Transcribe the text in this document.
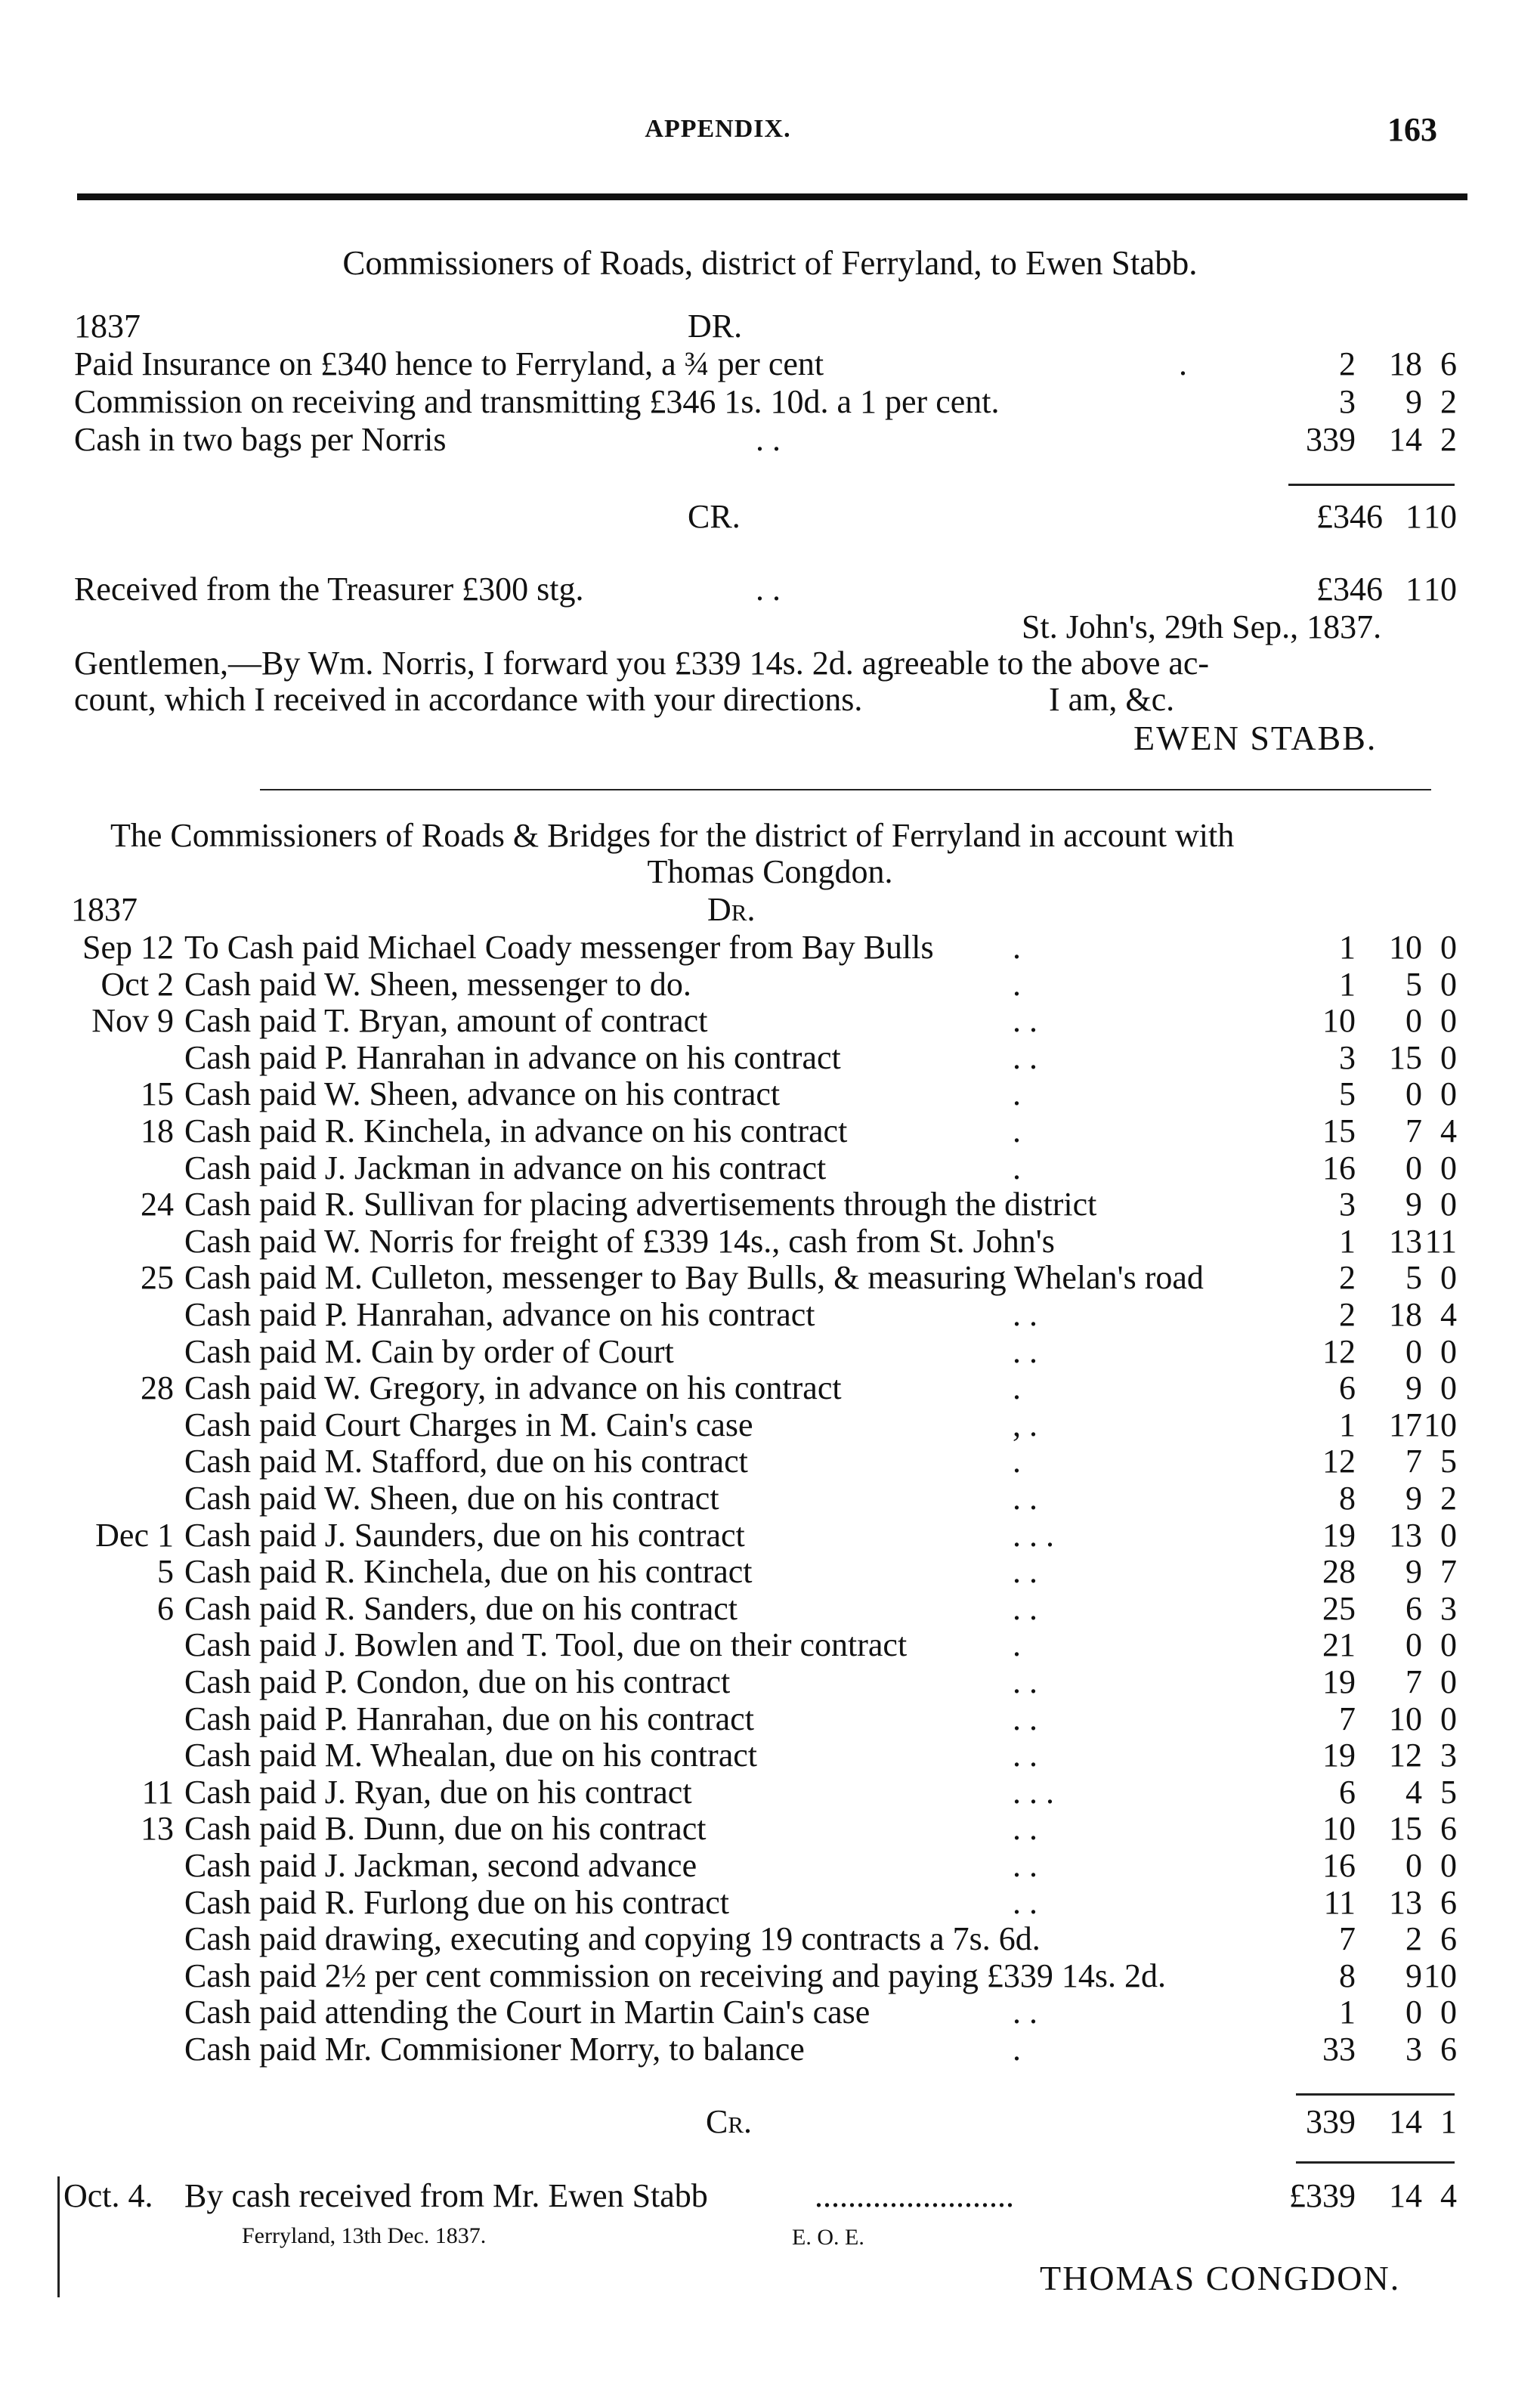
APPENDIX.	163
Commissioners of Roads, district of Ferryland, to Ewen Stabb.
1837	DR.
Paid Insurance on £340 hence to Ferryland, a ¾ per cent	.	2	18 6
Commission on receiving and transmitting £346 1s. 10d. a 1 per cent.	3	9 2
Cash in two bags per Norris	. .	339	14 2
CR.	£346 1 10
Received from the Treasurer £300 stg.	. .	£346 1 10
St. John's, 29th Sep., 1837.
Gentlemen,—By Wm. Norris, I forward you £339 14s. 2d. agreeable to the above ac-
count, which I received in accordance with your directions.	I am, &c.
EWEN STABB.
The Commissioners of Roads & Bridges for the district of Ferryland in account with
Thomas Congdon.
1837	Dr.
Sep 12 To Cash paid Michael Coady messenger from Bay Bulls .	1	10 0
Oct 2 Cash paid W. Sheen, messenger to do.	.	1	5 0
Nov 9 Cash paid T. Bryan, amount of contract	. .	10	0 0
Cash paid P. Hanrahan in advance on his contract	. .	3	15 0
15 Cash paid W. Sheen, advance on his contract	.	5	0 0
18 Cash paid R. Kinchela, in advance on his contract	.	15	7 4
Cash paid J. Jackman in advance on his contract	.	16	0 0
24 Cash paid R. Sullivan for placing advertisements through the district	3	9 0
Cash paid W. Norris for freight of £339 14s., cash from St. John's	1	13 11
25 Cash paid M. Culleton, messenger to Bay Bulls, & measuring Whelan's road	2	5 0
Cash paid P. Hanrahan, advance on his contract	. .	2	18 4
Cash paid M. Cain by order of Court	. .	12	0 0
28 Cash paid W. Gregory, in advance on his contract	.	6	9 0
Cash paid Court Charges in M. Cain's case	, .	1	17 10
Cash paid M. Stafford, due on his contract	.	12	7 5
Cash paid W. Sheen, due on his contract	. .	8	9 2
Dec 1 Cash paid J. Saunders, due on his contract	. . .	19	13 0
5 Cash paid R. Kinchela, due on his contract	. .	28	9 7
6 Cash paid R. Sanders, due on his contract	. .	25	6 3
Cash paid J. Bowlen and T. Tool, due on their contract	.	21	0 0
Cash paid P. Condon, due on his contract	. .	19	7 0
Cash paid P. Hanrahan, due on his contract	. .	7	10 0
Cash paid M. Whealan, due on his contract	. .	19	12 3
11 Cash paid J. Ryan, due on his contract	. . .	6	4 5
13 Cash paid B. Dunn, due on his contract	. .	10	15 6
Cash paid J. Jackman, second advance	. .	16	0 0
Cash paid R. Furlong due on his contract	. .	11	13 6
Cash paid drawing, executing and copying 19 contracts a 7s. 6d.	7	2 6
Cash paid 2½ per cent commission on receiving and paying £339 14s. 2d.	8	9 10
Cash paid attending the Court in Martin Cain's case	. .	1	0 0
Cash paid Mr. Commisioner Morry, to balance	.	33	3 6
Cr.	339	14 1
Oct. 4. By cash received from Mr. Ewen Stabb	........................	£339	14 4
Ferryland, 13th Dec. 1837.	E. O. E.
THOMAS CONGDON.
